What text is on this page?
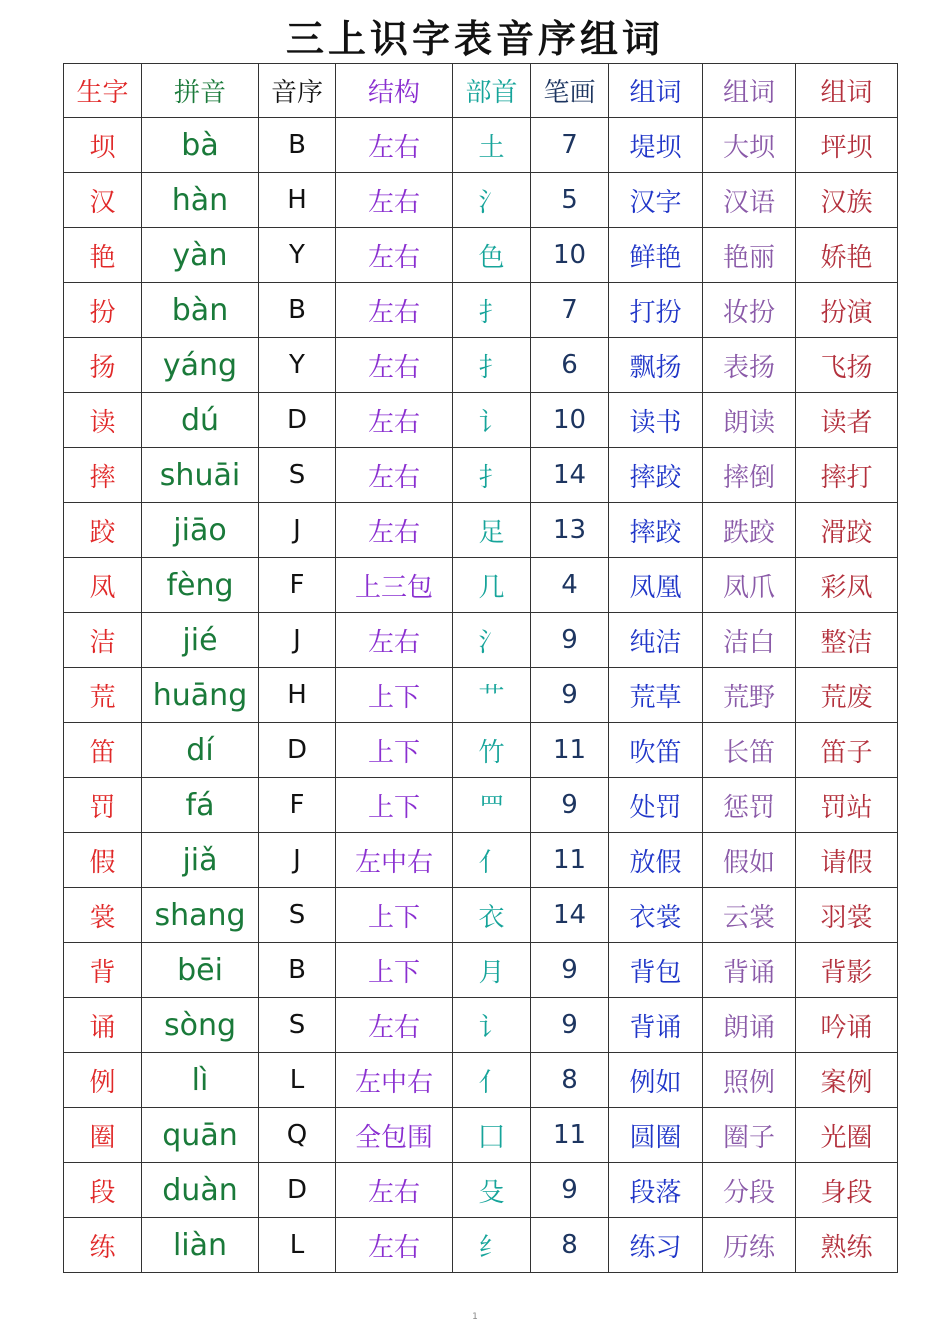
三上识字表音序组词
生字	拼音	音序	结构	部首	笔画	组词	组词	组词
坝	bà	B	左右	土	7	堤坝	大坝	坪坝
汉	hàn	H	左右	氵	5	汉字	汉语	汉族
艳	yàn	Y	左右	色	10	鲜艳	艳丽	娇艳
扮	bàn	B	左右	扌	7	打扮	妆扮	扮演
扬	yáng	Y	左右	扌	6	飘扬	表扬	飞扬
读	dú	D	左右	讠	10	读书	朗读	读者
摔	shuāi	S	左右	扌	14	摔跤	摔倒	摔打
跤	jiāo	J	左右	足	13	摔跤	跌跤	滑跤
凤	fèng	F	上三包	几	4	凤凰	凤爪	彩凤
洁	jié	J	左右	氵	9	纯洁	洁白	整洁
荒	huāng	H	上下	艹	9	荒草	荒野	荒废
笛	dí	D	上下	竹	11	吹笛	长笛	笛子
罚	fá	F	上下	罒	9	处罚	惩罚	罚站
假	jiǎ	J	左中右	亻	11	放假	假如	请假
裳	shang	S	上下	衣	14	衣裳	云裳	羽裳
背	bēi	B	上下	月	9	背包	背诵	背影
诵	sòng	S	左右	讠	9	背诵	朗诵	吟诵
例	lì	L	左中右	亻	8	例如	照例	案例
圈	quān	Q	全包围	囗	11	圆圈	圈子	光圈
段	duàn	D	左右	殳	9	段落	分段	身段
练	liàn	L	左右	纟	8	练习	历练	熟练
1
